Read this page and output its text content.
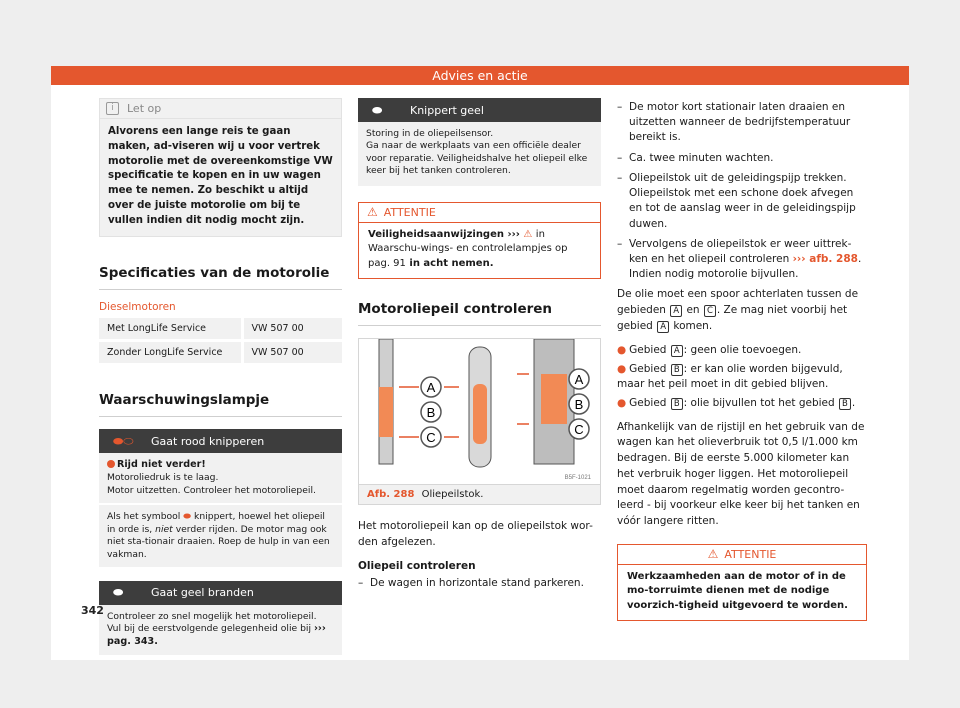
Advies en actie
i	Let op
Alvorens een lange reis te gaan maken, ad-viseren wij u voor vertrek motorolie met de overeenkomstige VW specificatie te kopen en in uw wagen mee te nemen. Zo beschikt u altijd over de juiste motorolie om bij te vullen indien dit nodig mocht zijn.
Specificaties van de motorolie
Dieselmotoren
Met LongLife Service	VW 507 00
Zonder LongLife Service	VW 507 00
Waarschuwingslampje
⬬⬭	Gaat rood knipperen
Rijd niet verder!
Motoroliedruk is te laag.
Motor uitzetten. Controleer het motoroliepeil.
Als het symbool ⬬ knippert, hoewel het oliepeil in orde is, niet verder rijden. De motor mag ook niet sta-tionair draaien. Roep de hulp in van een vakman.
⬬	Gaat geel branden
Controleer zo snel mogelijk het motoroliepeil.
Vul bij de eerstvolgende gelegenheid olie bij ››› pag. 343.
⬬	Knippert geel
Storing in de oliepeilsensor.
Ga naar de werkplaats van een officiële dealer voor reparatie. Veiligheidshalve het oliepeil elke keer bij het tanken controleren.
⚠ ATTENTIE
Veiligheidsaanwijzingen ››› ⚠ in Waarschu-wings- en controlelampjes op pag. 91 in acht nemen.
Motoroliepeil controleren
A
B
C
A
B
C
B5F-1021
Afb. 288 Oliepeilstok.
Het motoroliepeil kan op de oliepeilstok wor-den afgelezen.
Oliepeil controleren
– De wagen in horizontale stand parkeren.
– De motor kort stationair laten draaien en uitzetten wanneer de bedrijfstemperatuur bereikt is.
– Ca. twee minuten wachten.
– Oliepeilstok uit de geleidingspijp trekken. Oliepeilstok met een schone doek afvegen en tot de aanslag weer in de geleidingspijp duwen.
– Vervolgens de oliepeilstok er weer uittrek-ken en het oliepeil controleren ››› afb. 288. Indien nodig motorolie bijvullen.
De olie moet een spoor achterlaten tussen de gebieden A en C . Ze mag niet voorbij het gebied A komen.
● Gebied A : geen olie toevoegen.
● Gebied B : er kan olie worden bijgevuld, maar het peil moet in dit gebied blijven.
● Gebied B : olie bijvullen tot het gebied B .
Afhankelijk van de rijstijl en het gebruik van de wagen kan het olieverbruik tot 0,5 l/1.000 km bedragen. Bij de eerste 5.000 kilometer kan het verbruik hoger liggen. Het motoroliepeil moet daarom regelmatig worden gecontro-leerd - bij voorkeur elke keer bij het tanken en vóór langere ritten.
⚠ ATTENTIE
Werkzaamheden aan de motor of in de mo-torruimte dienen met de nodige voorzich-tigheid uitgevoerd te worden.
342
